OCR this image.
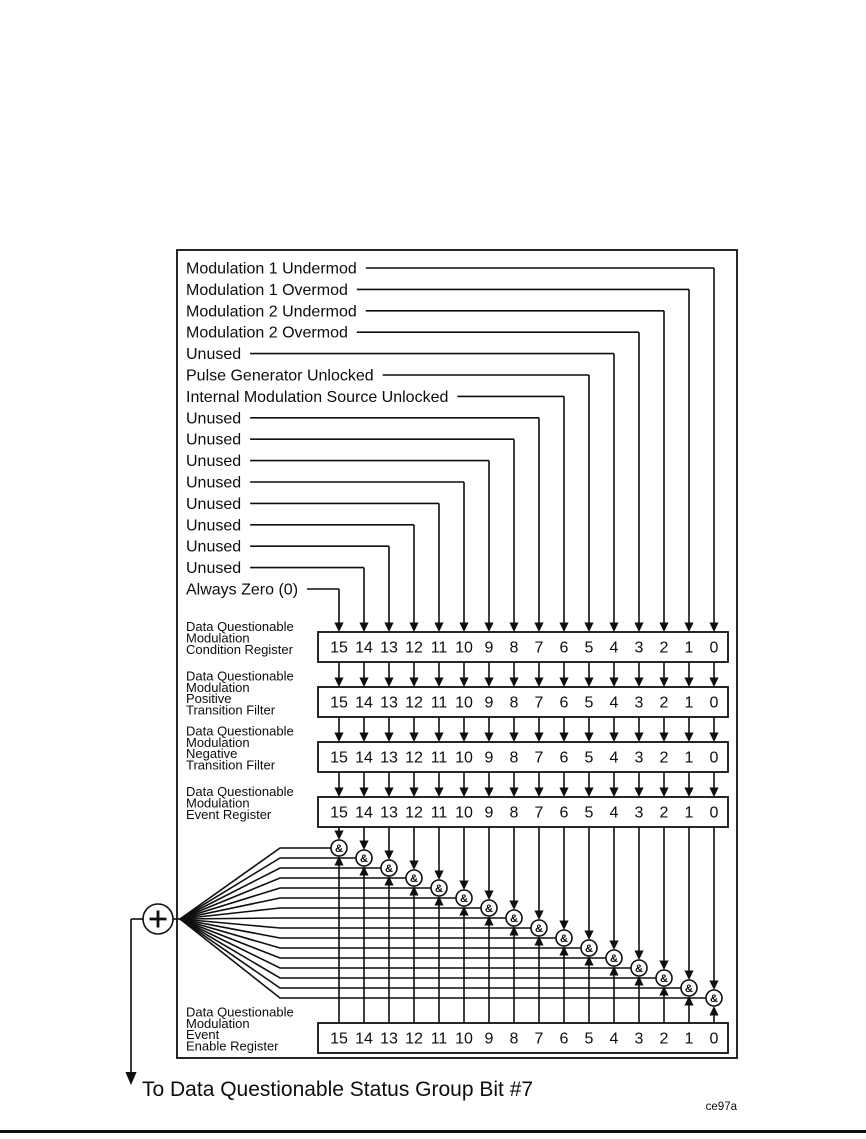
Modulation 1 Undermod
Modulation 1 Overmod
Modulation 2 Undermod
Modulation 2 Overmod
Unused
Pulse Generator Unlocked
Internal Modulation Source Unlocked
Unused
Unused
Unused
Unused
Unused
Unused
Unused
Unused
Always Zero (0)
Data Questionable
Modulation
Condition Register 15 14 13 12 11 10 9 8 7 6 5 4 3 2 1 0
Data Questionable
Modulation
Positive
Transition Filter	15 14 13 12 11 10 9 8 7 6 5 4 3 2 1 0
Data Questionable
Modulation
Negative
Transition Filter	15 14 13 12 11 10 9 8 7 6 5 4 3 2 1 0
Data Questionable
Modulation
Event Register	15 14 13 12 11 10 9 8 7 6 5 4 3 2 1 0
Data Questionable
Modulation
Event
Enable Register	15 14 13 12 11 10 9 8 7 6 5 4 3 2 1 0
&
&
&
&
&
&
&
&
&
&
&
&
&
&
&
&
To Data Questionable Status Group Bit #7
ce97a
